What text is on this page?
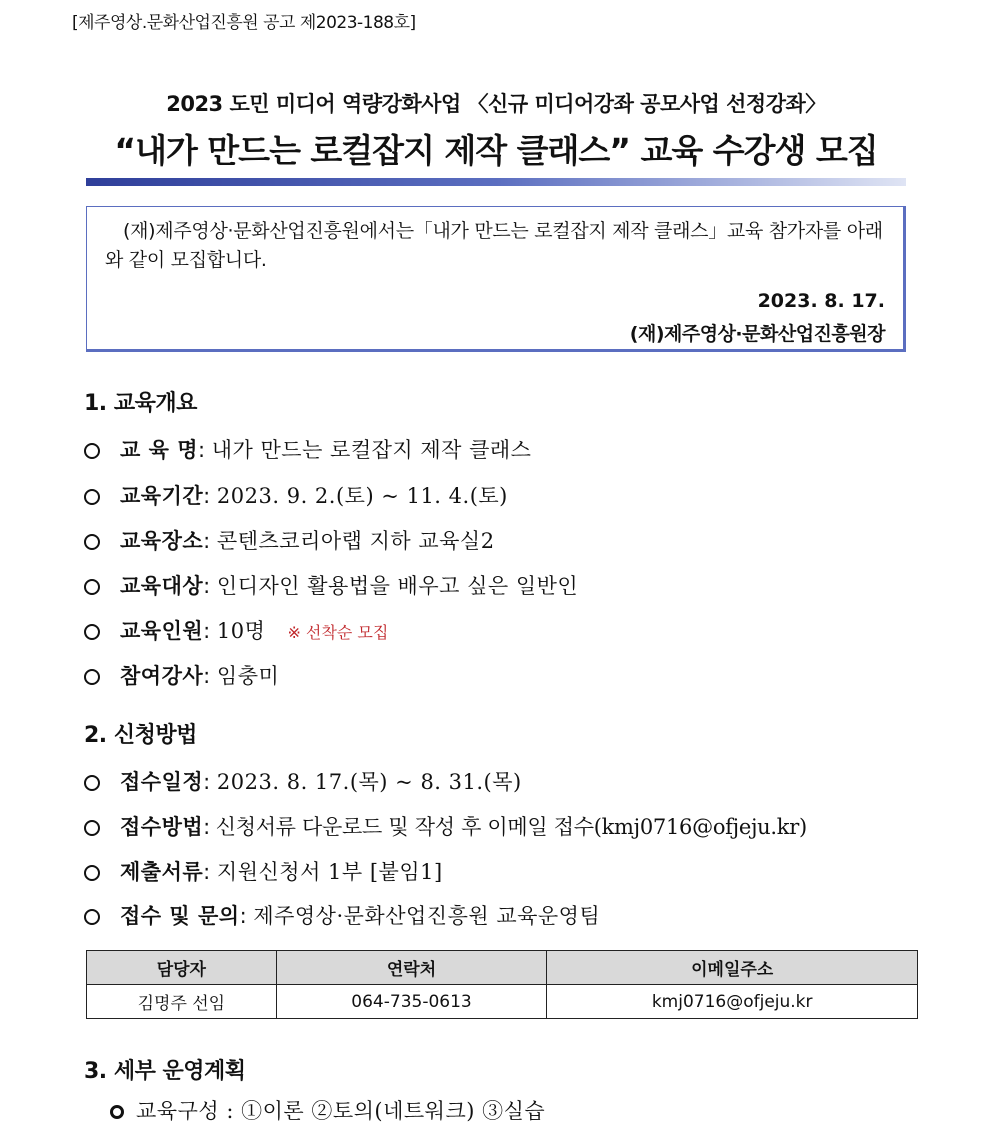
[제주영상.문화산업진흥원 공고 제2023-188호]
2023 도민 미디어 역량강화사업 〈신규 미디어강좌 공모사업 선정강좌〉
“내가 만드는 로컬잡지 제작 클래스” 교육 수강생 모집
(재)제주영상·문화산업진흥원에서는「내가 만드는 로컬잡지 제작 클래스」교육 참가자를 아래와 같이 모집합니다.
2023. 8. 17.
(재)제주영상·문화산업진흥원장
1. 교육개요
교 육 명: 내가 만드는 로컬잡지 제작 클래스
교육기간: 2023. 9. 2.(토) ~ 11. 4.(토)
교육장소: 콘텐츠코리아랩 지하 교육실2
교육대상: 인디자인 활용법을 배우고 싶은 일반인
교육인원: 10명 ※ 선착순 모집
참여강사: 임충미
2. 신청방법
접수일정: 2023. 8. 17.(목) ~ 8. 31.(목)
접수방법: 신청서류 다운로드 및 작성 후 이메일 접수(kmj0716@ofjeju.kr)
제출서류: 지원신청서 1부 [붙임1]
접수 및 문의: 제주영상·문화산업진흥원 교육운영팀
담당자	연락처	이메일주소
김명주 선임	064-735-0613	kmj0716@ofjeju.kr
3. 세부 운영계획
교육구성 : ①이론 ②토의(네트워크) ③실습
